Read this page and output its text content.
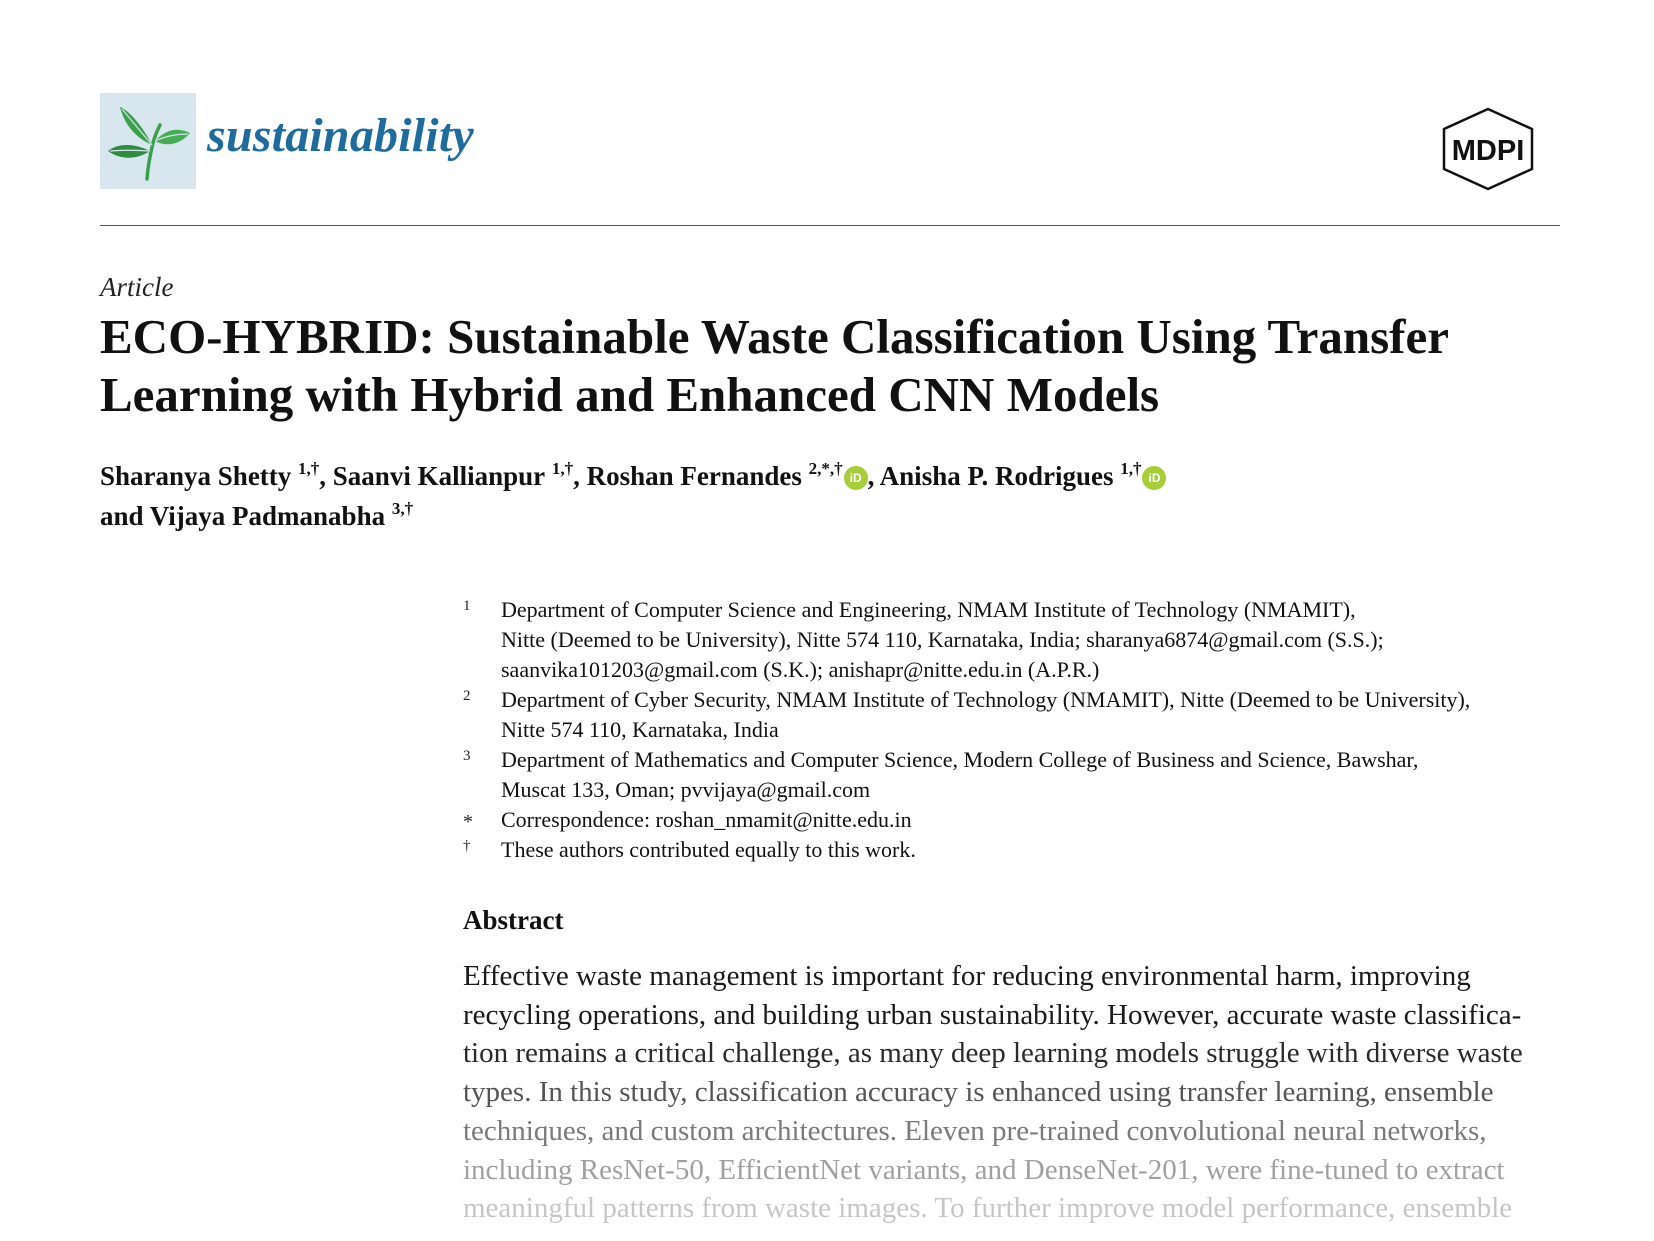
sustainability	MDPI
Article
ECO-HYBRID: Sustainable Waste Classification Using Transfer
Learning with Hybrid and Enhanced CNN Models
Sharanya Shetty $^{1,\dagger}$, Saanvi Kallianpur $^{1,\dagger}$, Roshan Fernandes $^{2,*,\dagger}$ iD , Anisha P. Rodrigues $^{1,\dagger}$ iD
and Vijaya Padmanabha $^{3,\dagger}$
1 Department of Computer Science and Engineering, NMAM Institute of Technology (NMAMIT),
Nitte (Deemed to be University), Nitte 574 110, Karnataka, India; sharanya6874@gmail.com (S.S.);
saanvika101203@gmail.com (S.K.); anishapr@nitte.edu.in (A.P.R.)
2 Department of Cyber Security, NMAM Institute of Technology (NMAMIT), Nitte (Deemed to be University),
Nitte 574 110, Karnataka, India
3 Department of Mathematics and Computer Science, Modern College of Business and Science, Bawshar,
Muscat 133, Oman; pvvijaya@gmail.com
* Correspondence: roshan_nmamit@nitte.edu.in
† These authors contributed equally to this work.
Abstract
Effective waste management is important for reducing environmental harm, improving
recycling operations, and building urban sustainability. However, accurate waste classifica-
tion remains a critical challenge, as many deep learning models struggle with diverse waste
types. In this study, classification accuracy is enhanced using transfer learning, ensemble
techniques, and custom architectures. Eleven pre-trained convolutional neural networks,
including ResNet-50, EfficientNet variants, and DenseNet-201, were fine-tuned to extract
meaningful patterns from waste images. To further improve model performance, ensemble
